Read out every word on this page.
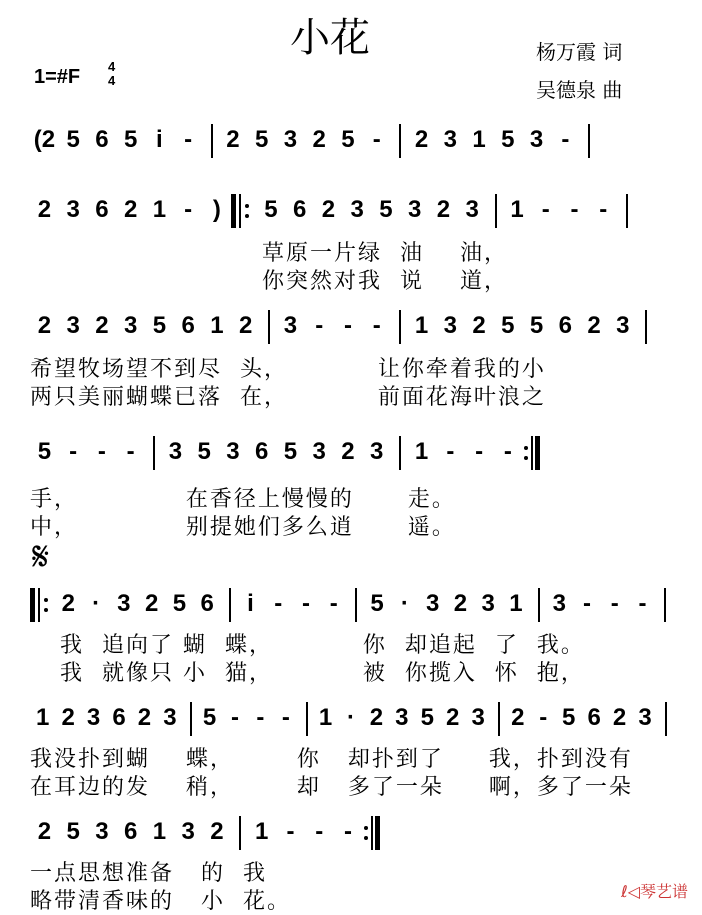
小花	杨万霞 词
吴德泉 曲
1=#F 4
4
(2 5 6 5 i -	2 5 3 2 5 -	2 3 1 5 3 -
2 3 6 2 1 - )	5 6 2 3 5 3 2 3	1 - - -
2 3 2 3 5 6 1 2	3 - - -	1 3 2 5 5 6 2 3
5 - - -	3 5 3 6 5 3 2 3	1 - - -
2 · 3 2 5 6	i - - -	5 · 3 2 3 1	3 - - -
1 2 3 6 2 3 5 - - -	1 · 2 3 5 2 3 2 - 5 6 2 3
2 5 3 6 1 3 2	1 - - -
𝄋
草原一片绿  油    油，
你突然对我  说    道，
希望牧场望不到尽  头，          让你牵着我的小
两只美丽蝴蝶已落  在，          前面花海叶浪之
手，            在香径上慢慢的      走。
中，            别提她们多么逍      遥。
我  追向了 蝴  蝶，          你  却追起  了  我。
我  就像只 小  猫，          被  你揽入  怀  抱，
我没扑到蝴    蝶，       你   却扑到了     我，扑到没有
在耳边的发    稍，       却   多了一朵     啊，多了一朵
一点思想准备   的  我
略带清香味的   小  花。	ℓ◁琴艺谱
